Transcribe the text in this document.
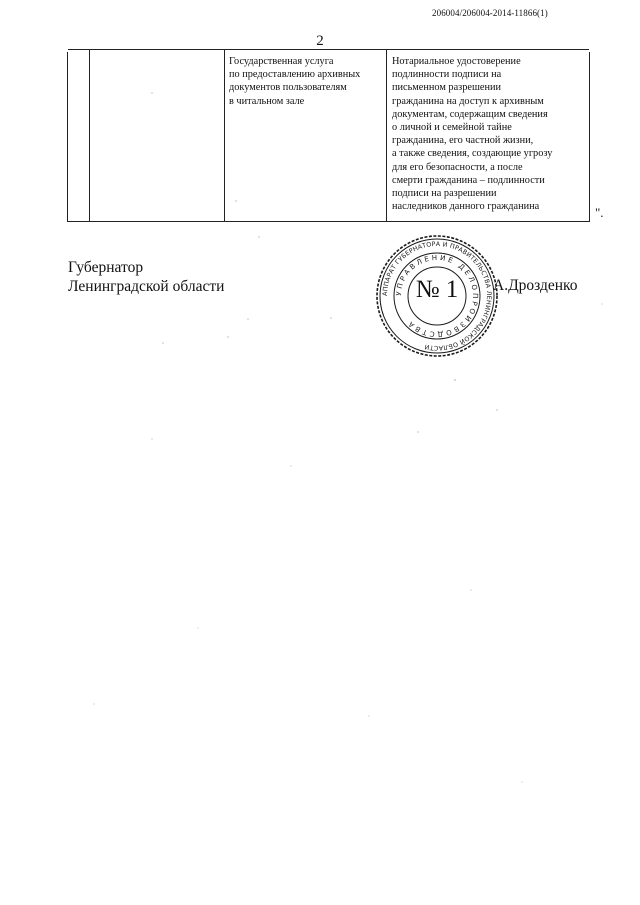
206004/206004-2014-11866(1)
2
Государственная услуга
по предоставлению архивных
документов пользователям
в читальном зале
Нотариальное удостоверение
подлинности подписи на
письменном разрешении
гражданина на доступ к архивным
документам, содержащим сведения
о личной и семейной тайне
гражданина, его частной жизни,
а также сведения, создающие угрозу
для его безопасности, а после
смерти гражданина – подлинности
подписи на разрешении
наследников данного гражданина	".
Губернатор
Ленинградской области	А.Дрозденко
АППАРАТ ГУБЕРНАТОРА И ПРАВИТЕЛЬСТВА ЛЕНИНГРАДСКОЙ ОБЛАСТИ
УПРАВЛЕНИЕ ДЕЛОПРОИЗВОДСТВА
№ 1
